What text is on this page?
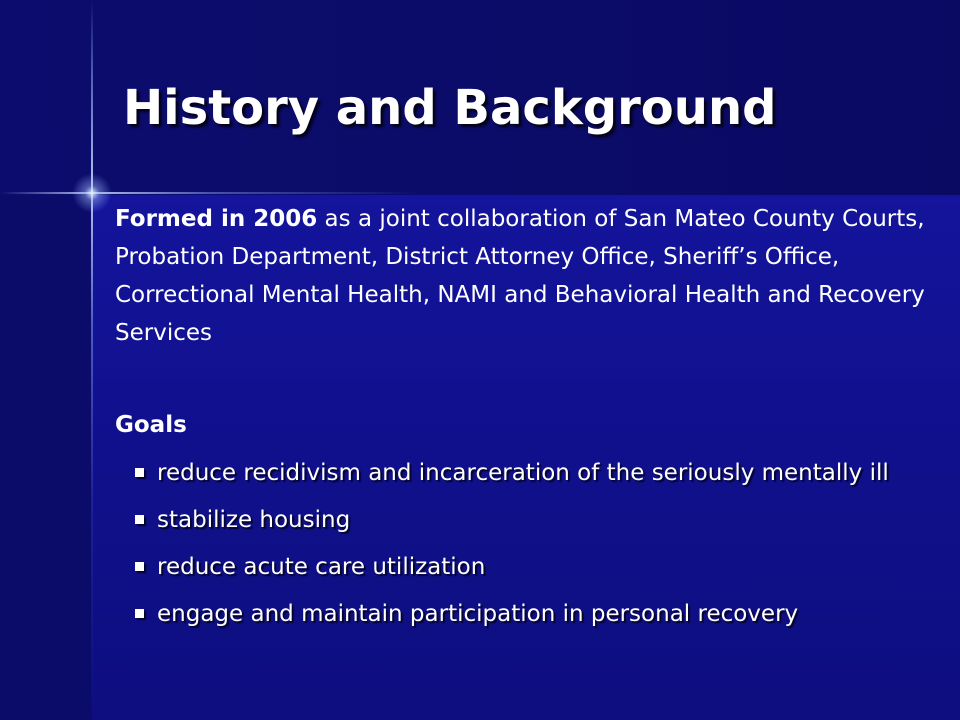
History and Background

Formed in 2006 as a joint collaboration of San Mateo County Courts, Probation Department, District Attorney Office, Sheriff’s Office, Correctional Mental Health, NAMI and Behavioral Health and Recovery Services

Goals
reduce recidivism and incarceration of the seriously mentally ill
stabilize housing
reduce acute care utilization
engage and maintain participation in personal recovery
